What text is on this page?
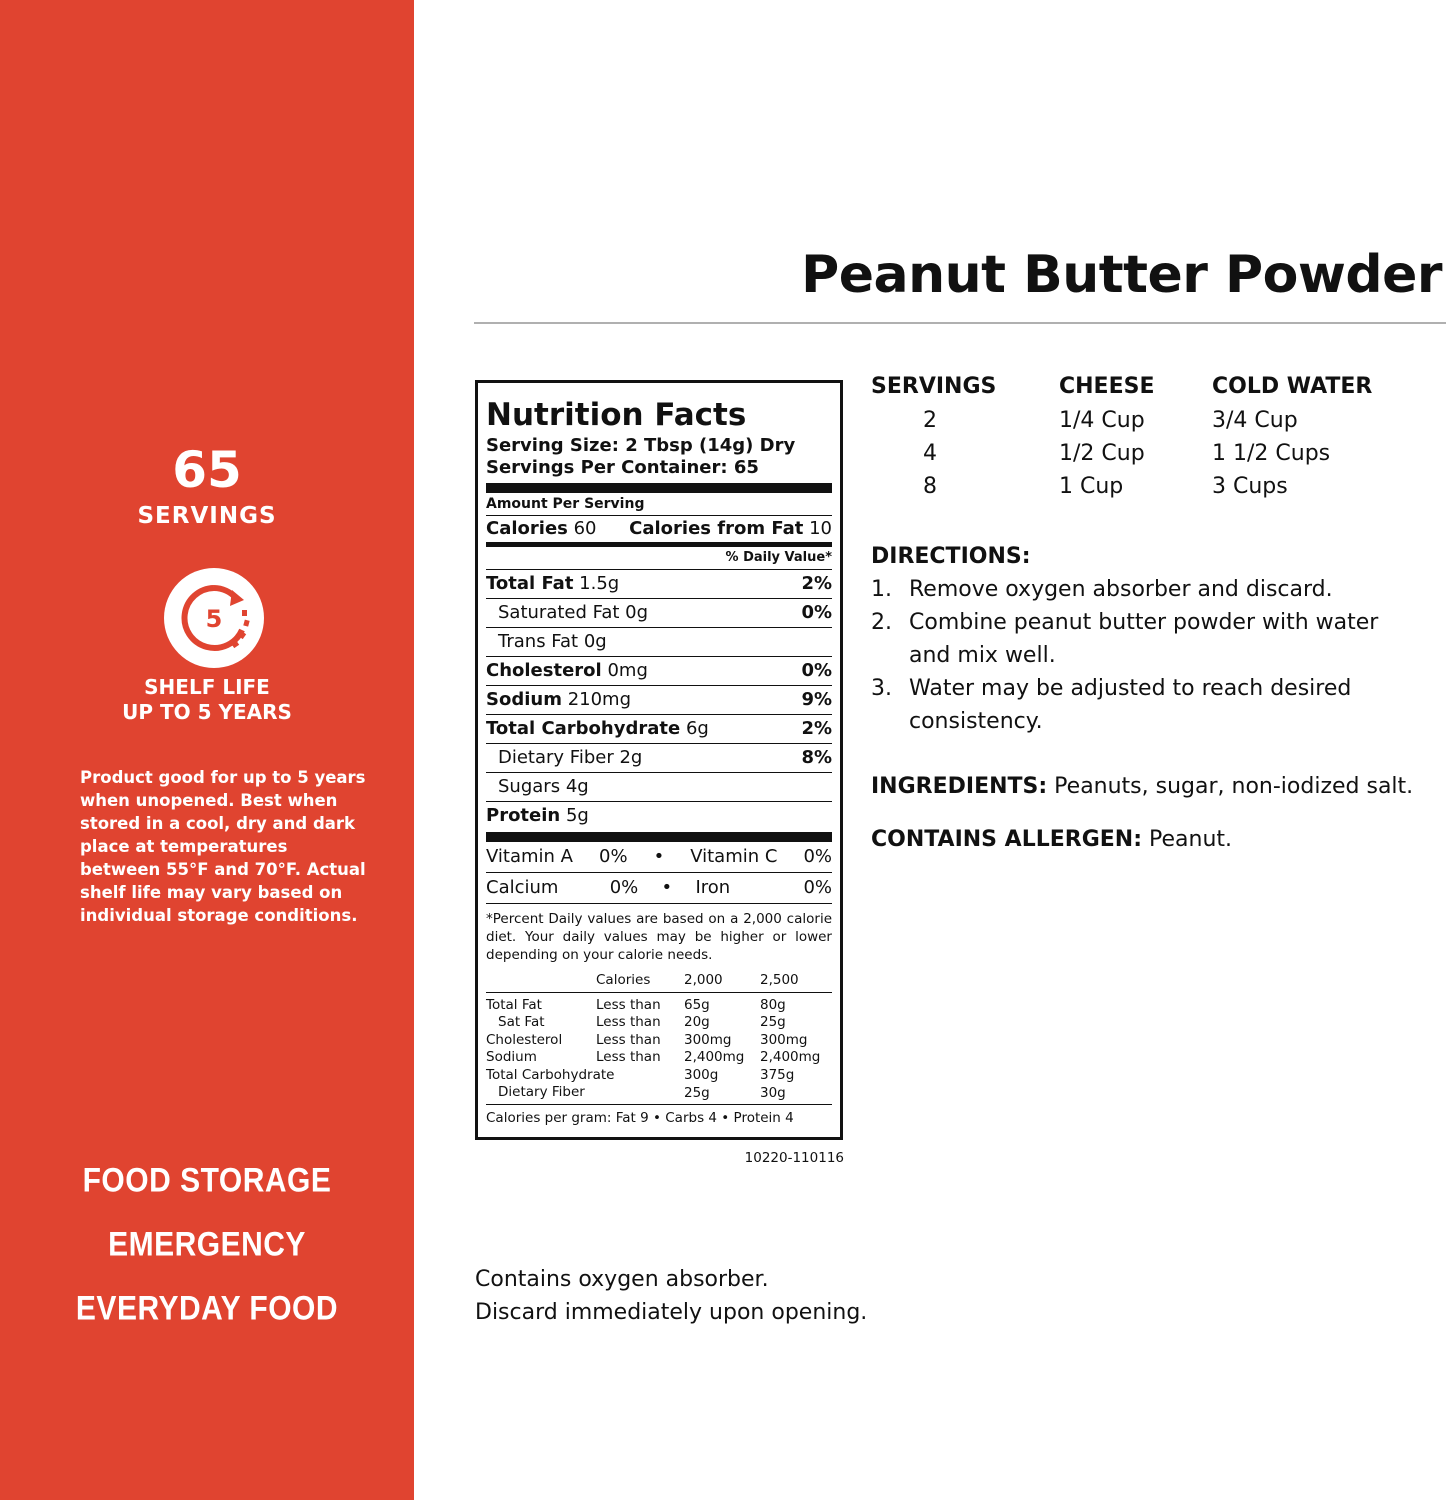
65
SERVINGS
5
SHELF LIFE
UP TO 5 YEARS
Product good for up to 5 years when unopened. Best when stored in a cool, dry and dark place at temperatures between 55°F and 70°F. Actual shelf life may vary based on individual storage conditions.
FOOD STORAGE
EMERGENCY
EVERYDAY FOOD
Peanut Butter Powder
Nutrition Facts
Serving Size: 2 Tbsp (14g) Dry
Servings Per Container: 65
Amount Per Serving
Calories 60 Calories from Fat 10
% Daily Value*
Total Fat 1.5g	2%
Saturated Fat 0g	0%
Trans Fat 0g
Cholesterol 0mg	0%
Sodium 210mg	9%
Total Carbohydrate 6g	2%
Dietary Fiber 2g	8%
Sugars 4g
Protein 5g
Vitamin A 0% • Vitamin C 0%
Calcium	0% • Iron	0%
*Percent Daily values are based on a 2,000 calorie diet. Your daily values may be higher or lower depending on your calorie needs.
	Calories	2,000	2,500
Total Fat	Less than	65g	80g
Sat Fat	Less than	20g	25g
Cholesterol	Less than	300mg	300mg
Sodium	Less than	2,400mg	2,400mg
Total Carbohydrate		300g	375g
Dietary Fiber		25g	30g
Calories per gram: Fat 9 • Carbs 4 • Protein 4
10220-110116
SERVINGS	CHEESE	COLD WATER
2	1/4 Cup	3/4 Cup
4	1/2 Cup	1 1/2 Cups
8	1 Cup	3 Cups
DIRECTIONS:
1. Remove oxygen absorber and discard.
2. Combine peanut butter powder with water and mix well.
3. Water may be adjusted to reach desired consistency.
INGREDIENTS: Peanuts, sugar, non-iodized salt.
CONTAINS ALLERGEN: Peanut.
Contains oxygen absorber.
Discard immediately upon opening.
